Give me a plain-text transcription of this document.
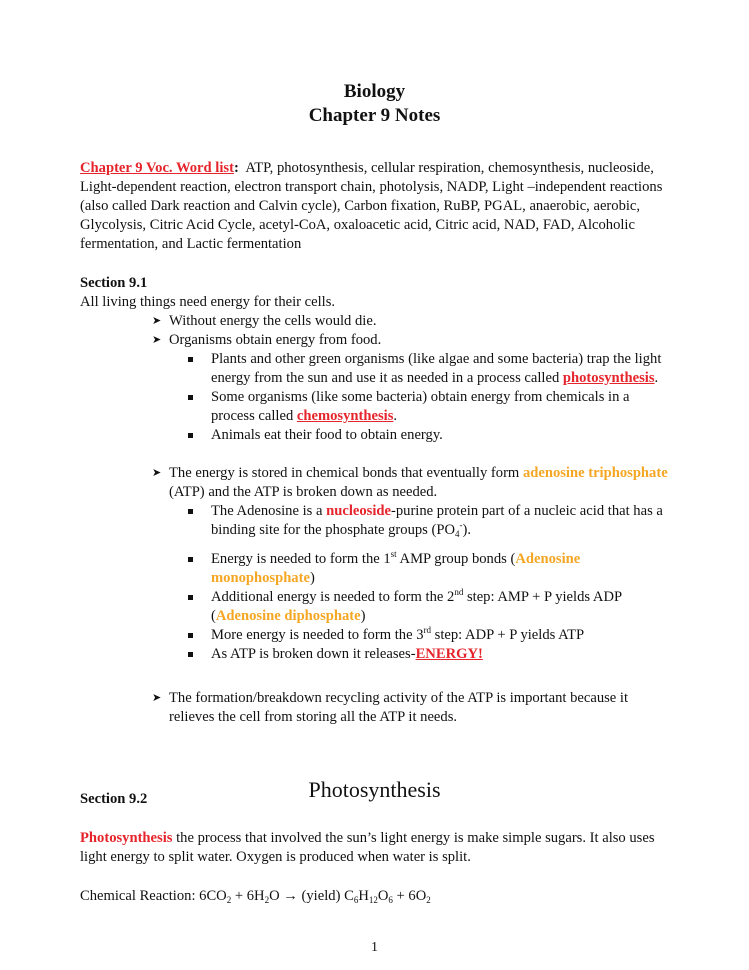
Biology
Chapter 9 Notes
Chapter 9 Voc. Word list: ATP, photosynthesis, cellular respiration, chemosynthesis, nucleoside,
Light-dependent reaction, electron transport chain, photolysis, NADP, Light –independent reactions
(also called Dark reaction and Calvin cycle), Carbon fixation, RuBP, PGAL, anaerobic, aerobic,
Glycolysis, Citric Acid Cycle, acetyl-CoA, oxaloacetic acid, Citric acid, NAD, FAD, Alcoholic
fermentation, and Lactic fermentation
Section 9.1
All living things need energy for their cells.
➤ Without energy the cells would die.
➤ Organisms obtain energy from food.
Plants and other green organisms (like algae and some bacteria) trap the light
energy from the sun and use it as needed in a process called photosynthesis.
Some organisms (like some bacteria) obtain energy from chemicals in a
process called chemosynthesis.
Animals eat their food to obtain energy.
➤ The energy is stored in chemical bonds that eventually form adenosine triphosphate
(ATP) and the ATP is broken down as needed.
The Adenosine is a nucleoside-purine protein part of a nucleic acid that has a
binding site for the phosphate groups $(PO_4^-)$.
Energy is needed to form the 1st AMP group bonds (Adenosine
monophosphate)
Additional energy is needed to form the 2nd step: AMP + P yields ADP
(Adenosine diphosphate)
More energy is needed to form the 3rd step: ADP + P yields ATP
As ATP is broken down it releases-ENERGY!
➤ The formation/breakdown recycling activity of the ATP is important because it
relieves the cell from storing all the ATP it needs.
Section 9.2	Photosynthesis
Photosynthesis the process that involved the sun’s light energy is make simple sugars. It also uses
light energy to split water. Oxygen is produced when water is split.
Chemical Reaction: $6CO_2 + 6H_2O$ → (yield) $C_6H_{12}O_6 + 6O_2$
1
